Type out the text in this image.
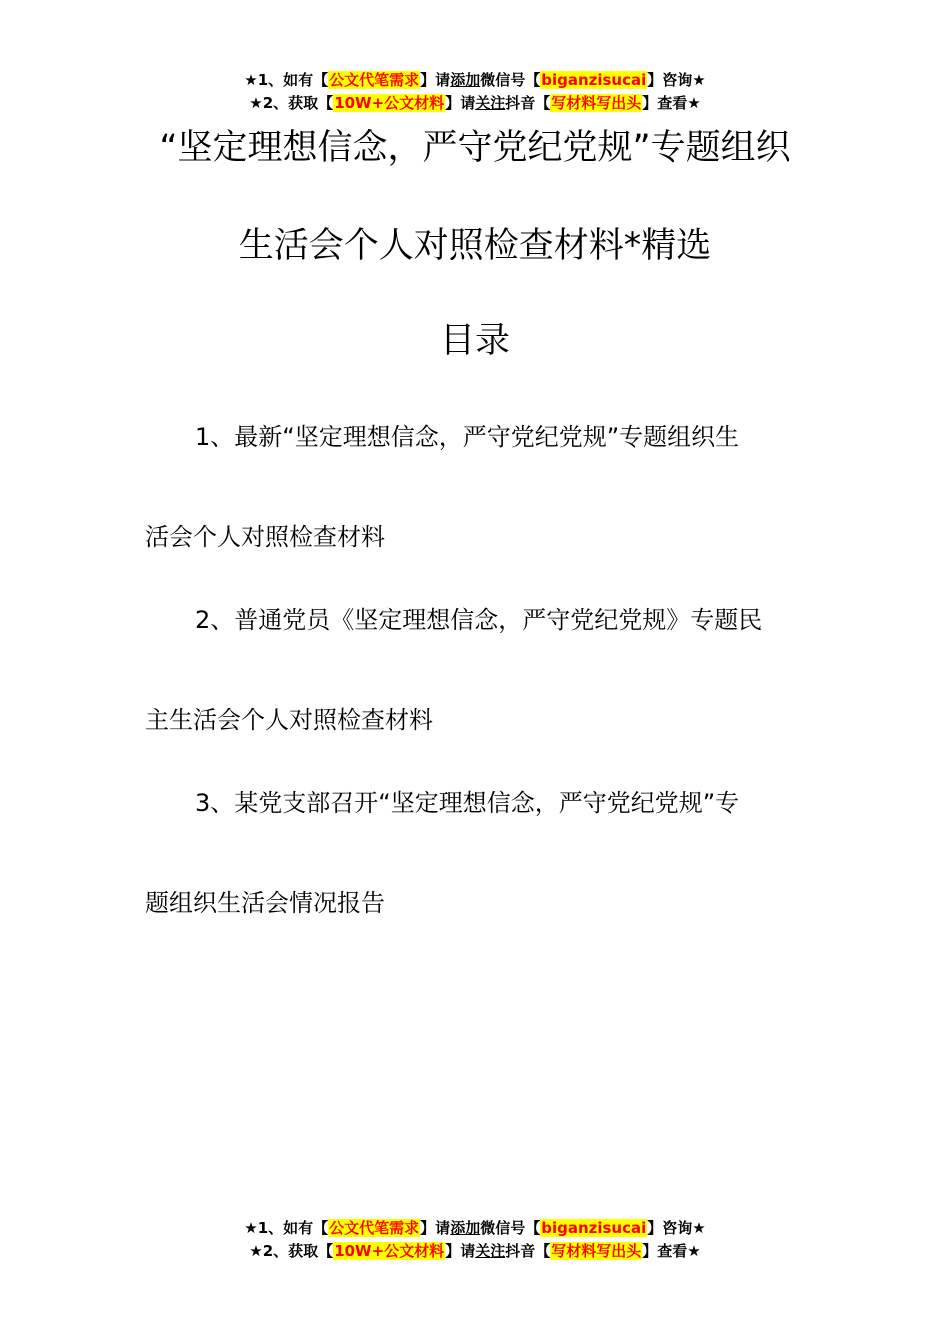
★1、如有【公文代笔需求】请添加微信号【biganzisucai】咨询★
★2、获取【10W+公文材料】请关注抖音【写材料写出头】查看★
“坚定理想信念，严守党纪党规”专题组织
生活会个人对照检查材料*精选
目录
1、最新“坚定理想信念，严守党纪党规”专题组织生
活会个人对照检查材料
2、普通党员《坚定理想信念，严守党纪党规》专题民
主生活会个人对照检查材料
3、某党支部召开“坚定理想信念，严守党纪党规”专
题组织生活会情况报告
★1、如有【公文代笔需求】请添加微信号【biganzisucai】咨询★
★2、获取【10W+公文材料】请关注抖音【写材料写出头】查看★
